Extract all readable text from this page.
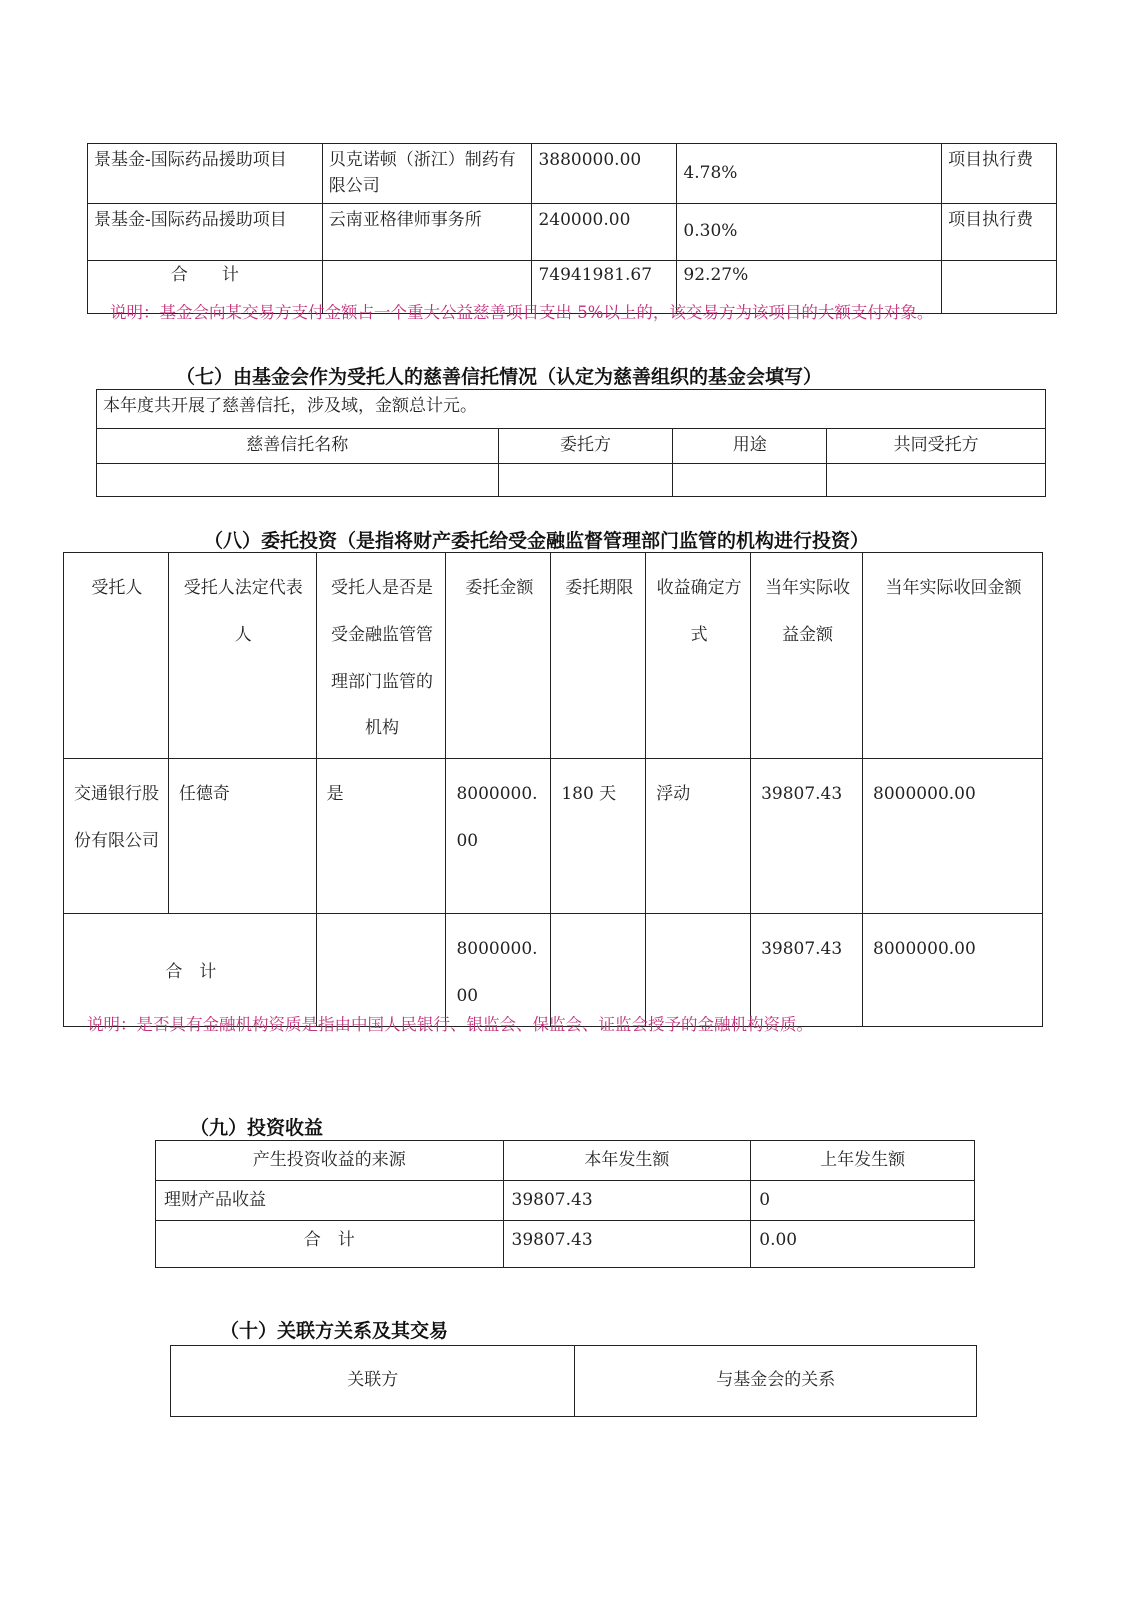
景基金-国际药品援助项目	贝克诺顿（浙江）制药有限公司	3880000.00	4.78%	项目执行费
景基金-国际药品援助项目	云南亚格律师事务所	240000.00	0.30%	项目执行费
合　　计		74941981.67	92.27%	
说明：基金会向某交易方支付金额占一个重大公益慈善项目支出 5%以上的，该交易方为该项目的大额支付对象。
（七）由基金会作为受托人的慈善信托情况（认定为慈善组织的基金会填写）
本年度共开展了慈善信托，涉及域，金额总计元。			
慈善信托名称	委托方	用途	共同受托方

（八）委托投资（是指将财产委托给受金融监督管理部门监管的机构进行投资）
受托人	受托人法定代表人	受托人是否是受金融监管管理部门监管的机构	委托金额	委托期限	收益确定方式	当年实际收益金额	当年实际收回金额
交通银行股份有限公司	任德奇	是	8000000.00	180 天	浮动	39807.43	8000000.00
合　计			8000000.00			39807.43	8000000.00
说明：是否具有金融机构资质是指由中国人民银行、银监会、保监会、证监会授予的金融机构资质。
（九）投资收益
产生投资收益的来源	本年发生额	上年发生额
理财产品收益	39807.43	0
合　计	39807.43	0.00
（十）关联方关系及其交易
关联方	与基金会的关系
